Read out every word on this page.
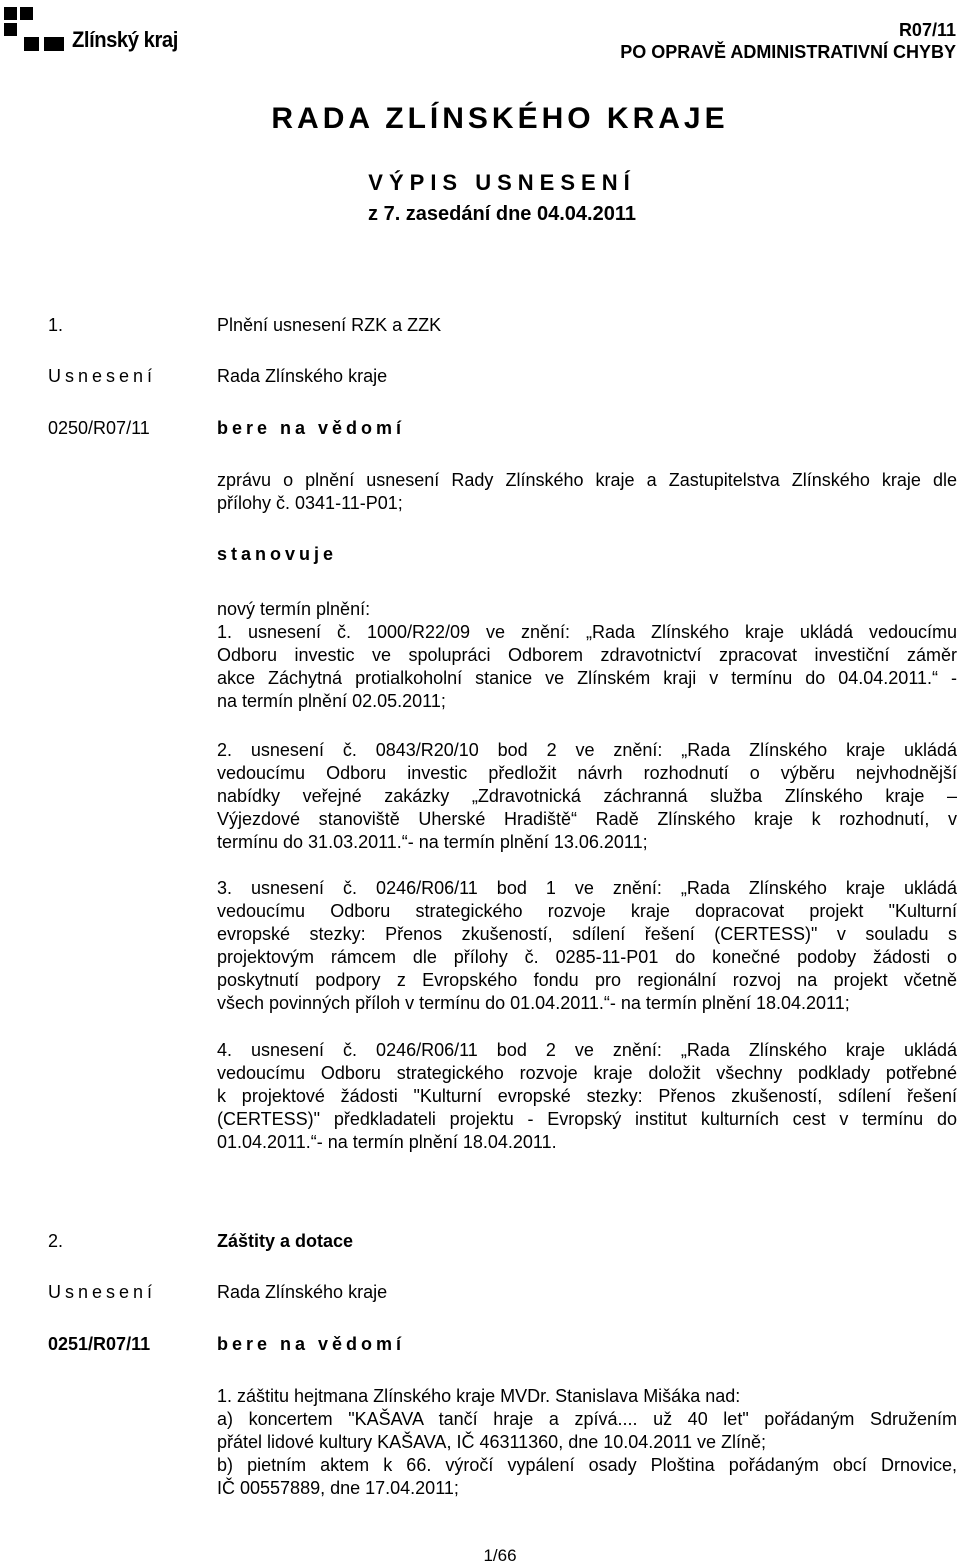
Zlínský kraj	R07/11
PO OPRAVĚ ADMINISTRATIVNÍ CHYBY
RADA ZLÍNSKÉHO KRAJE
VÝPIS USNESENÍ
z 7. zasedání dne 04.04.2011
1.	Plnění usnesení RZK a ZZK
Usnesení	Rada Zlínského kraje
0250/R07/11	bere na vědomí
zprávu o plnění usnesení Rady Zlínského kraje a Zastupitelstva Zlínského kraje dle
přílohy č. 0341-11-P01;
stanovuje
nový termín plnění:
1. usnesení č. 1000/R22/09 ve znění: „Rada Zlínského kraje ukládá vedoucímu
Odboru investic ve spolupráci Odborem zdravotnictví zpracovat investiční záměr
akce Záchytná protialkoholní stanice ve Zlínském kraji v termínu do 04.04.2011.“ -
na termín plnění 02.05.2011;
2. usnesení č. 0843/R20/10 bod 2 ve znění: „Rada Zlínského kraje ukládá
vedoucímu Odboru investic předložit návrh rozhodnutí o výběru nejvhodnější
nabídky veřejné zakázky „Zdravotnická záchranná služba Zlínského kraje –
Výjezdové stanoviště Uherské Hradiště“ Radě Zlínského kraje k rozhodnutí, v
termínu do 31.03.2011.“- na termín plnění 13.06.2011;
3. usnesení č. 0246/R06/11 bod 1 ve znění: „Rada Zlínského kraje ukládá
vedoucímu Odboru strategického rozvoje kraje dopracovat projekt "Kulturní
evropské stezky: Přenos zkušeností, sdílení řešení (CERTESS)" v souladu s
projektovým rámcem dle přílohy č. 0285-11-P01 do konečné podoby žádosti o
poskytnutí podpory z Evropského fondu pro regionální rozvoj na projekt včetně
všech povinných příloh v termínu do 01.04.2011.“- na termín plnění 18.04.2011;
4. usnesení č. 0246/R06/11 bod 2 ve znění: „Rada Zlínského kraje ukládá
vedoucímu Odboru strategického rozvoje kraje doložit všechny podklady potřebné
k projektové žádosti "Kulturní evropské stezky: Přenos zkušeností, sdílení řešení
(CERTESS)" předkladateli projektu - Evropský institut kulturních cest v termínu do
01.04.2011.“- na termín plnění 18.04.2011.
2.	Záštity a dotace
Usnesení	Rada Zlínského kraje
0251/R07/11	bere na vědomí
1. záštitu hejtmana Zlínského kraje MVDr. Stanislava Mišáka nad:
a) koncertem "KAŠAVA tančí hraje a zpívá.... už 40 let" pořádaným Sdružením
přátel lidové kultury KAŠAVA, IČ 46311360, dne 10.04.2011 ve Zlíně;
b) pietním aktem k 66. výročí vypálení osady Ploština pořádaným obcí Drnovice,
IČ 00557889, dne 17.04.2011;
1/66
